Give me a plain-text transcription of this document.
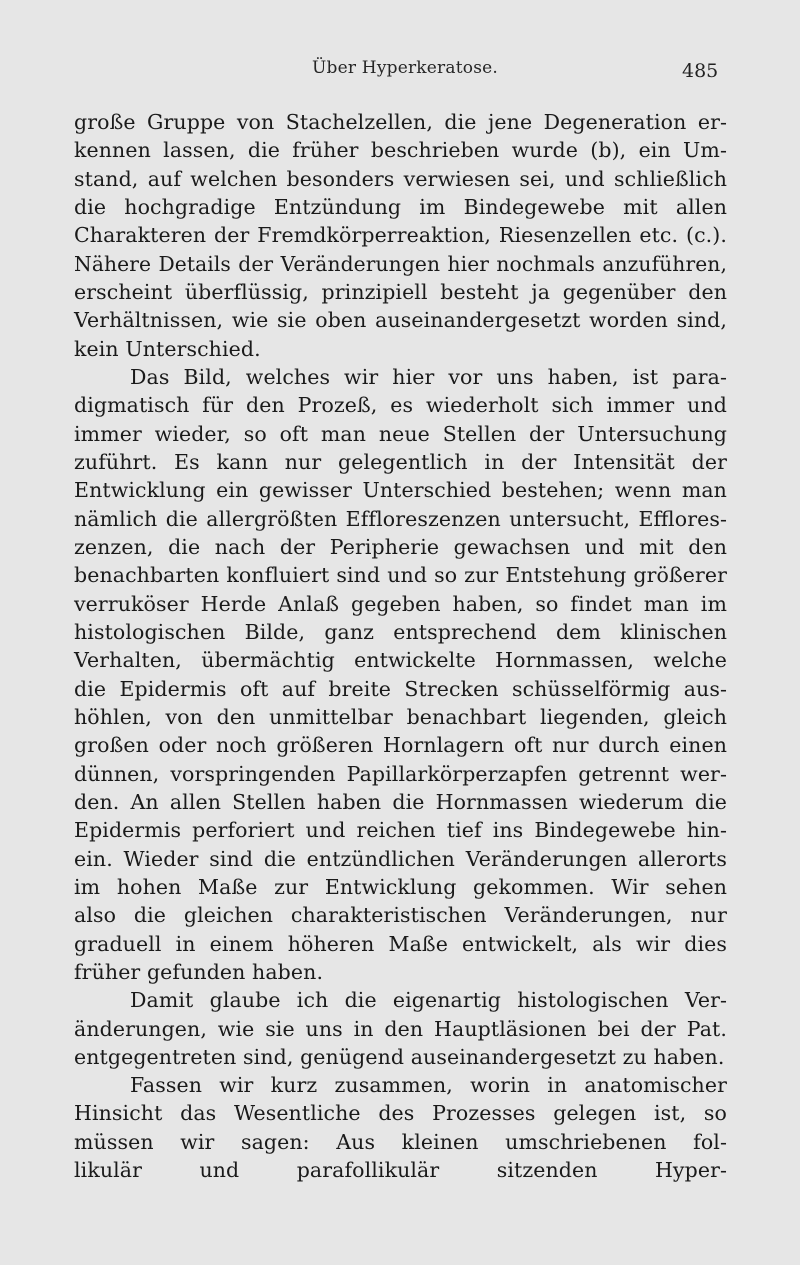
Über Hyperkeratose.	485
große Gruppe von Stachelzellen, die jene Degeneration er-
kennen lassen, die früher beschrieben wurde (b), ein Um-
stand, auf welchen besonders verwiesen sei, und schließlich
die hochgradige Entzündung im Bindegewebe mit allen
Charakteren der Fremdkörperreaktion, Riesenzellen etc. (c.).
Nähere Details der Veränderungen hier nochmals anzuführen,
erscheint überflüssig, prinzipiell besteht ja gegenüber den
Verhältnissen, wie sie oben auseinandergesetzt worden sind,
kein Unterschied.
Das Bild, welches wir hier vor uns haben, ist para-
digmatisch für den Prozeß, es wiederholt sich immer und
immer wieder, so oft man neue Stellen der Untersuchung
zuführt. Es kann nur gelegentlich in der Intensität der
Entwicklung ein gewisser Unterschied bestehen; wenn man
nämlich die allergrößten Effloreszenzen untersucht, Eﬄores-
zenzen, die nach der Peripherie gewachsen und mit den
benachbarten konfluiert sind und so zur Entstehung größerer
verruköser Herde Anlaß gegeben haben, so findet man im
histologischen Bilde, ganz entsprechend dem klinischen
Verhalten, übermächtig entwickelte Hornmassen, welche
die Epidermis oft auf breite Strecken schüsselförmig aus-
höhlen, von den unmittelbar benachbart liegenden, gleich
großen oder noch größeren Hornlagern oft nur durch einen
dünnen, vorspringenden Papillarkörperzapfen getrennt wer-
den. An allen Stellen haben die Hornmassen wiederum die
Epidermis perforiert und reichen tief ins Bindegewebe hin-
ein. Wieder sind die entzündlichen Veränderungen allerorts
im hohen Maße zur Entwicklung gekommen. Wir sehen
also die gleichen charakteristischen Veränderungen, nur
graduell in einem höheren Maße entwickelt, als wir dies
früher gefunden haben.
Damit glaube ich die eigenartig histologischen Ver-
änderungen, wie sie uns in den Hauptläsionen bei der Pat.
entgegentreten sind, genügend auseinandergesetzt zu haben.
Fassen wir kurz zusammen, worin in anatomischer
Hinsicht das Wesentliche des Prozesses gelegen ist, so
müssen wir sagen: Aus kleinen umschriebenen fol-
likulär und parafollikulär sitzenden Hyper-
